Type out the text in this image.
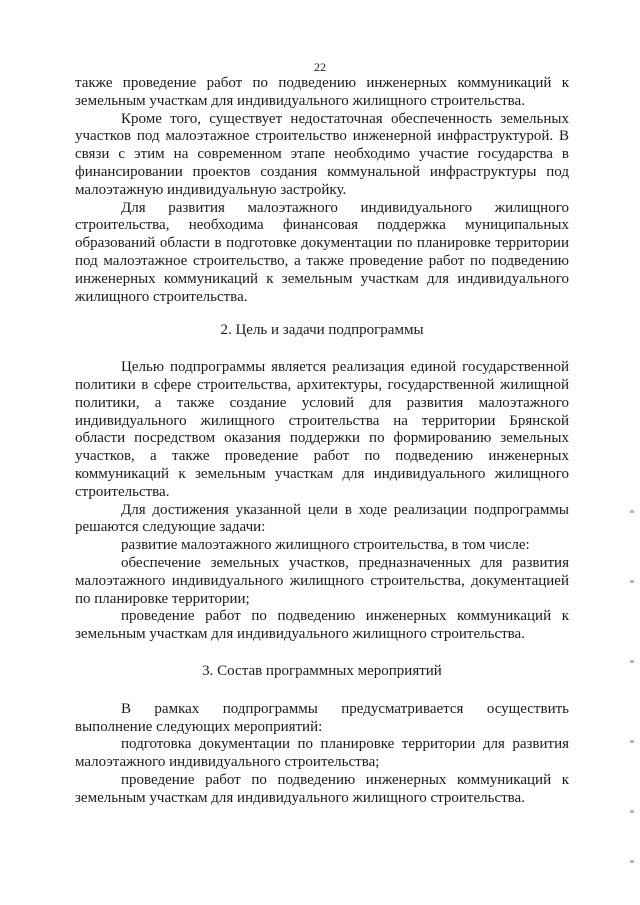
22

также проведение работ по подведению инженерных коммуникаций к земельным участкам для индивидуального жилищного строительства.

Кроме того, существует недостаточная обеспеченность земельных участков под малоэтажное строительство инженерной инфраструктурой. В связи с этим на современном этапе необходимо участие государства в финансировании проектов создания коммунальной инфраструктуры под малоэтажную индивидуальную застройку.

Для развития малоэтажного индивидуального жилищного строительства, необходима финансовая поддержка муниципальных образований области в подготовке документации по планировке территории под малоэтажное строительство, а также проведение работ по подведению инженерных коммуникаций к земельным участкам для индивидуального жилищного строительства.

2. Цель и задачи подпрограммы

Целью подпрограммы является реализация единой государственной политики в сфере строительства, архитектуры, государственной жилищной политики, а также создание условий для развития малоэтажного индивидуального жилищного строительства на территории Брянской области посредством оказания поддержки по формированию земельных участков, а также проведение работ по подведению инженерных коммуникаций к земельным участкам для индивидуального жилищного строительства.

Для достижения указанной цели в ходе реализации подпрограммы решаются следующие задачи:

развитие малоэтажного жилищного строительства, в том числе:

обеспечение земельных участков, предназначенных для развития малоэтажного индивидуального жилищного строительства, документацией по планировке территории;

проведение работ по подведению инженерных коммуникаций к земельным участкам для индивидуального жилищного строительства.

3. Состав программных мероприятий

В рамках подпрограммы предусматривается осуществить выполнение следующих мероприятий:

подготовка документации по планировке территории для развития малоэтажного индивидуального строительства;

проведение работ по подведению инженерных коммуникаций к земельным участкам для индивидуального жилищного строительства.
